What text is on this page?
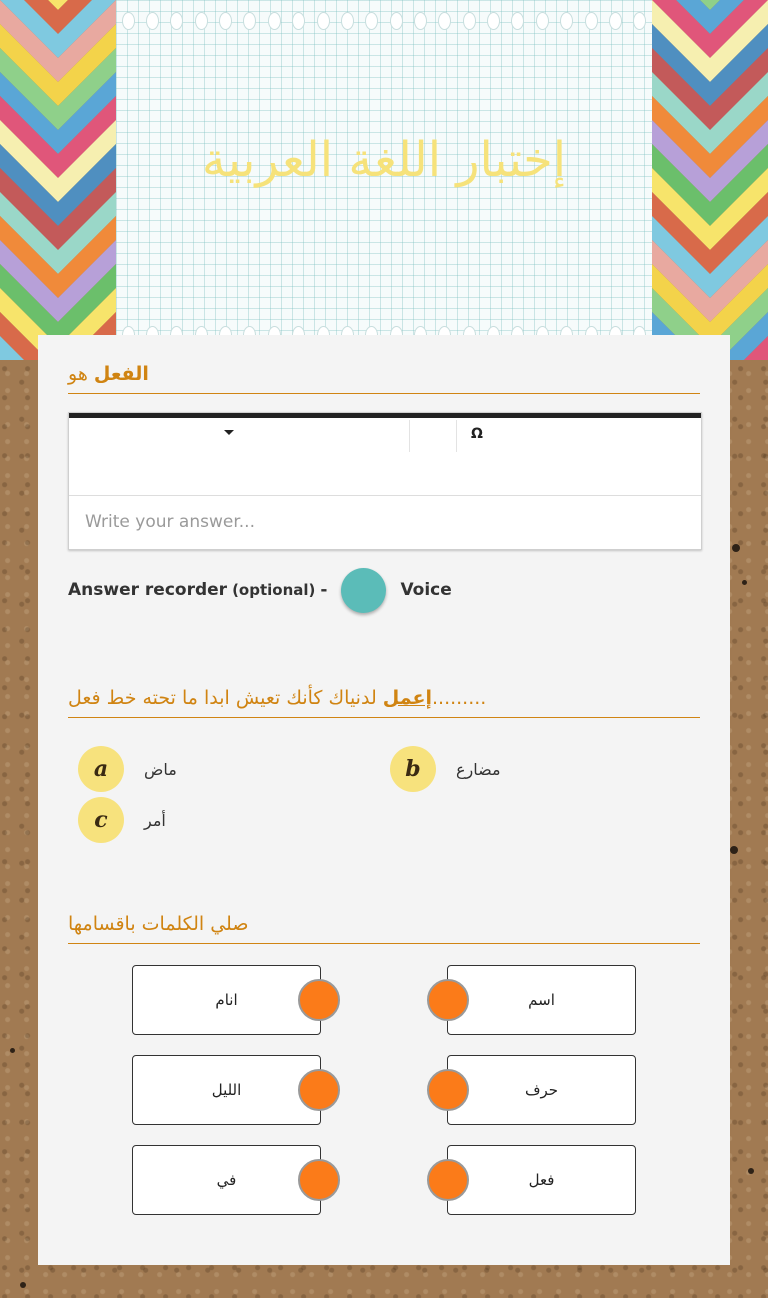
إختبار اللغة العربية
الفعل هو
Ω
Write your answer...
Answer recorder (optional) -	Voice
إعمل لدنياك كأنك تعيش ابدا ما تحته خط فعل.........
a	ماض	b	مضارع
c	أمر
صلي الكلمات باقسامها
انام
الليل
في
اسم
حرف
فعل
